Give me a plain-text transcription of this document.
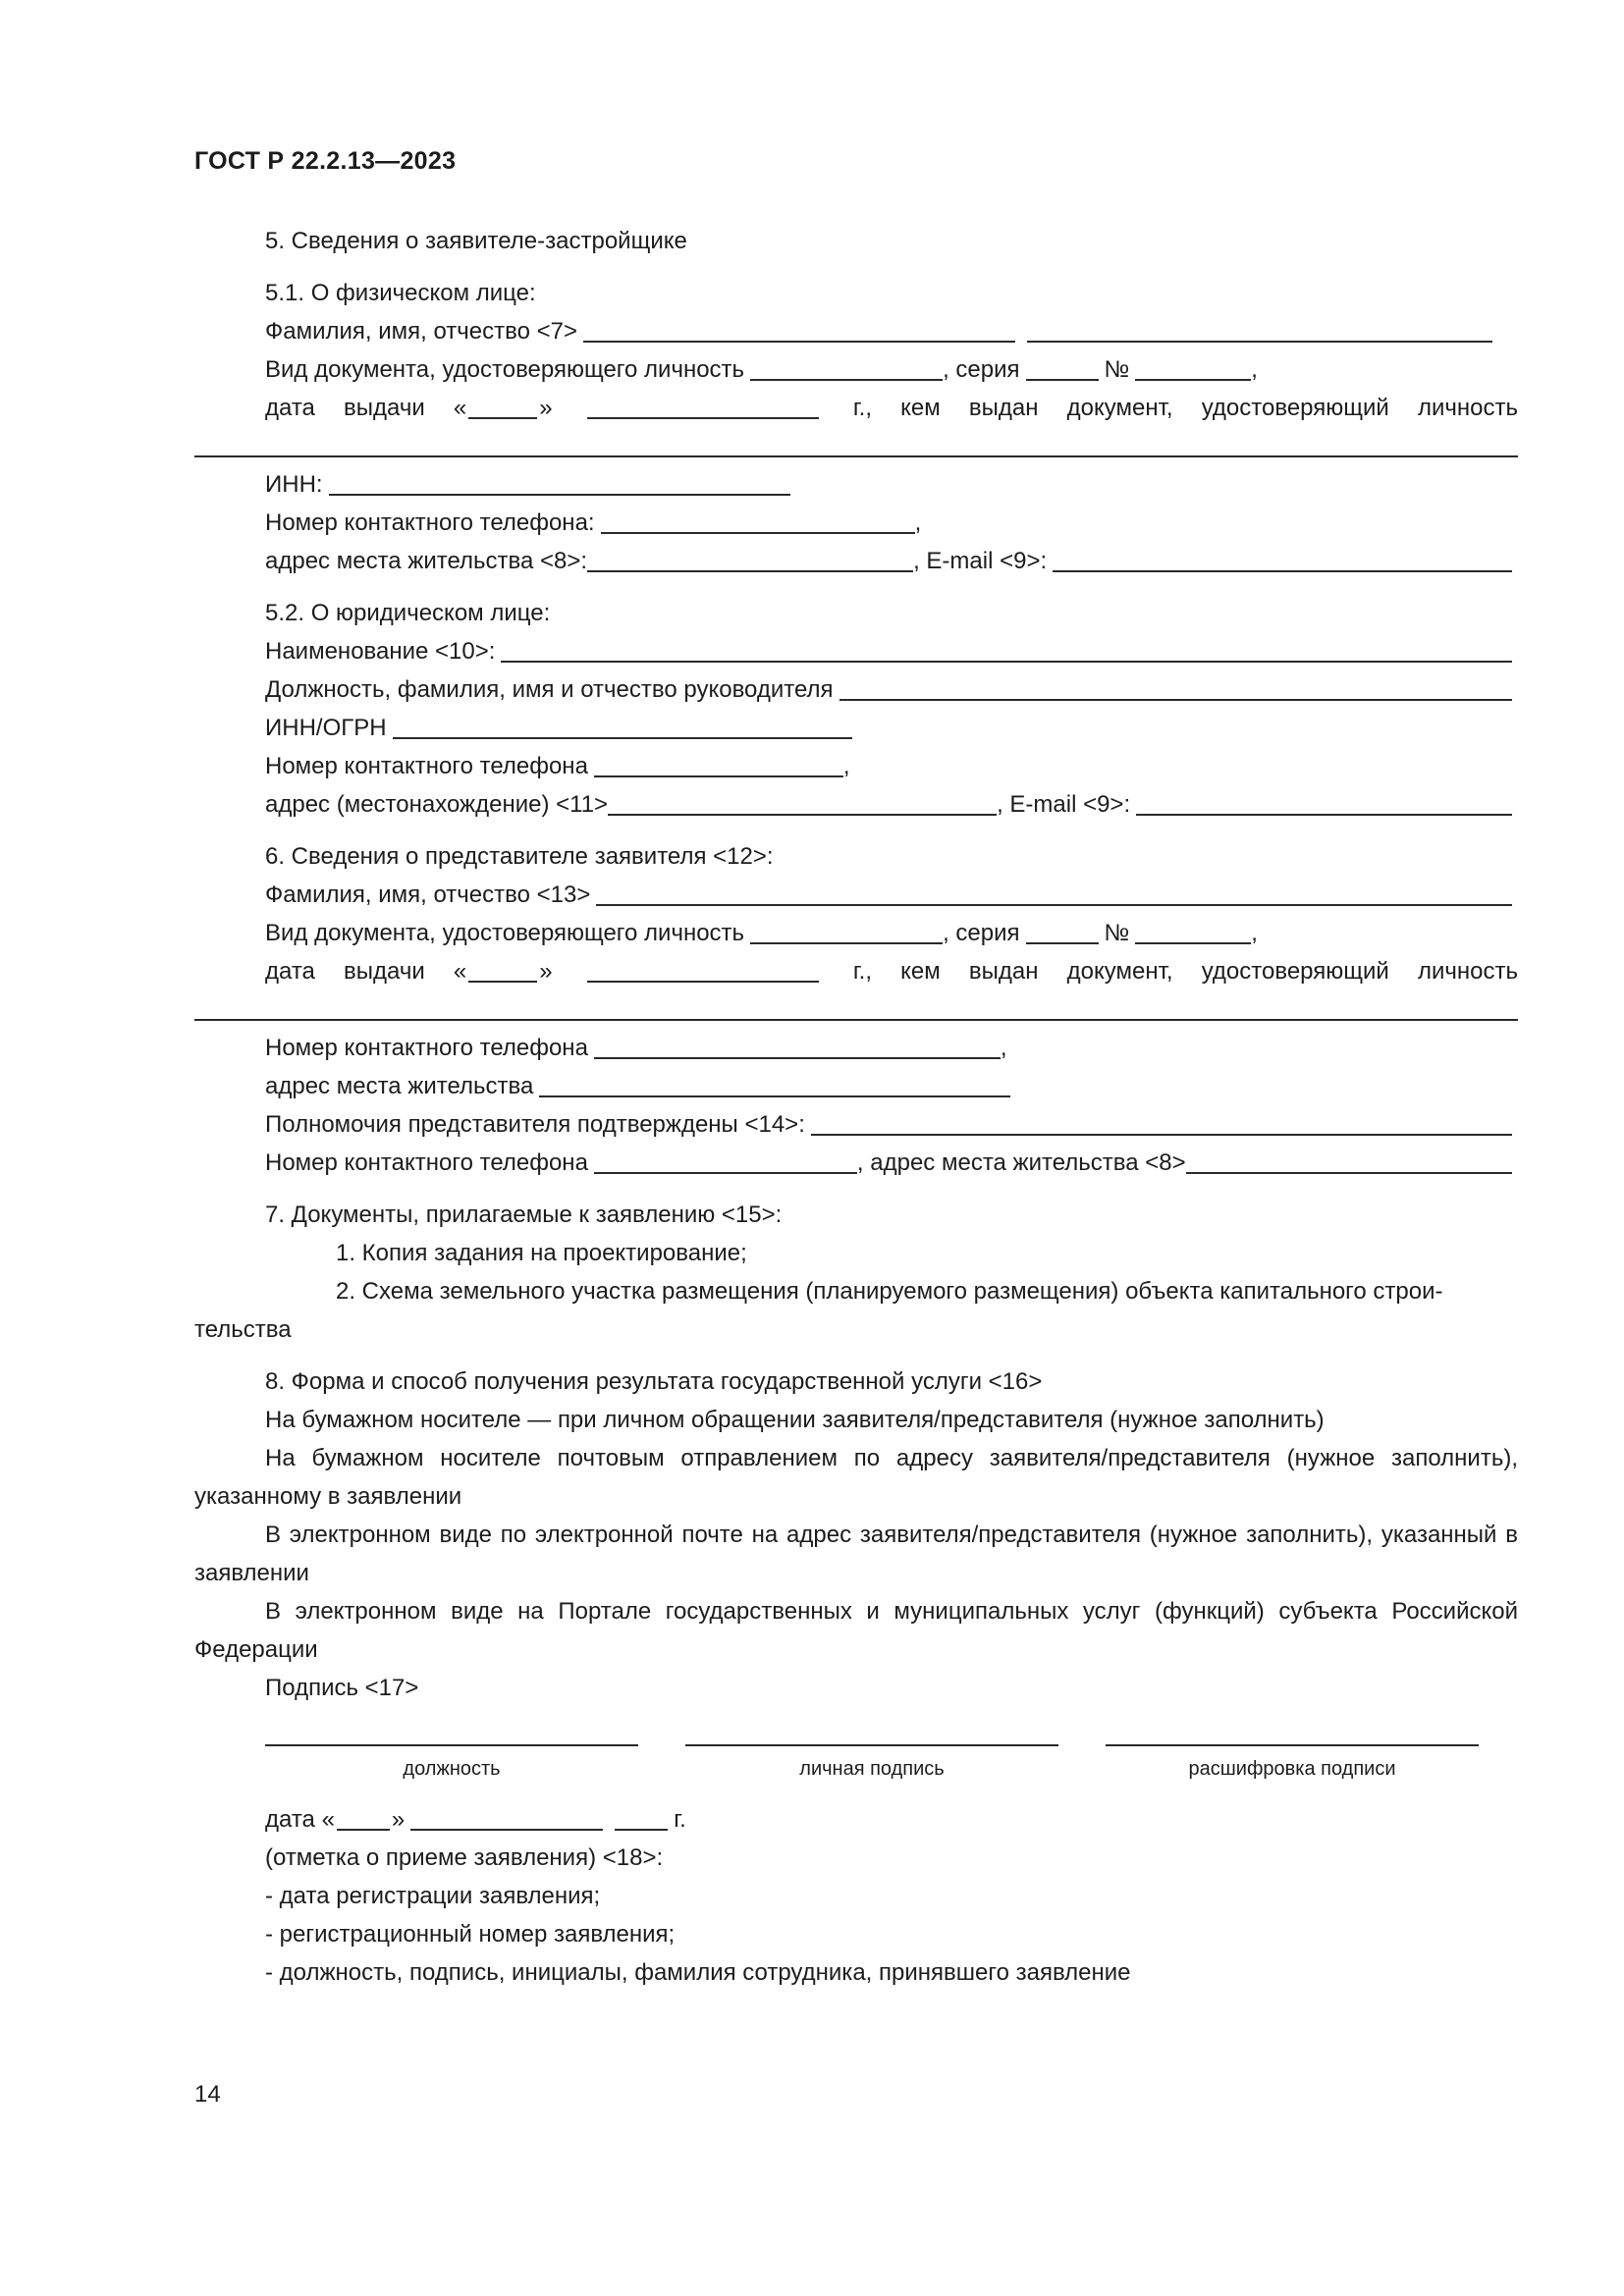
ГОСТ Р 22.2.13—2023
5. Сведения о заявителе-застройщике
5.1. О физическом лице:
Фамилия, имя, отчество <7>
Вид документа, удостоверяющего личность	, серия	№	,
дата выдачи «	»	г., кем выдан документ, удостоверяющий личность
ИНН:
Номер контактного телефона:	,
адрес места жительства <8>:	, E-mail <9>:
5.2. О юридическом лице:
Наименование <10>:
Должность, фамилия, имя и отчество руководителя
ИНН/ОГРН
Номер контактного телефона	,
адрес (местонахождение) <11>	, E-mail <9>:
6. Сведения о представителе заявителя <12>:
Фамилия, имя, отчество <13>
Вид документа, удостоверяющего личность	, серия	№	,
дата выдачи «	»	г., кем выдан документ, удостоверяющий личность
Номер контактного телефона	,
адрес места жительства
Полномочия представителя подтверждены <14>:
Номер контактного телефона	, адрес места жительства <8>
7. Документы, прилагаемые к заявлению <15>:
1. Копия задания на проектирование;
2. Схема земельного участка размещения (планируемого размещения) объекта капитального строи-
тельства
8. Форма и способ получения результата государственной услуги <16>
На бумажном носителе — при личном обращении заявителя/представителя (нужное заполнить)
На бумажном носителе почтовым отправлением по адресу заявителя/представителя (нужное заполнить), указанному в заявлении
В электронном виде по электронной почте на адрес заявителя/представителя (нужное заполнить), указанный в заявлении
В электронном виде на Портале государственных и муниципальных услуг (функций) субъекта Российской Федерации
Подпись <17>
должность	личная подпись	расшифровка подписи
дата « »	г.
(отметка о приеме заявления) <18>:
- дата регистрации заявления;
- регистрационный номер заявления;
- должность, подпись, инициалы, фамилия сотрудника, принявшего заявление
14
